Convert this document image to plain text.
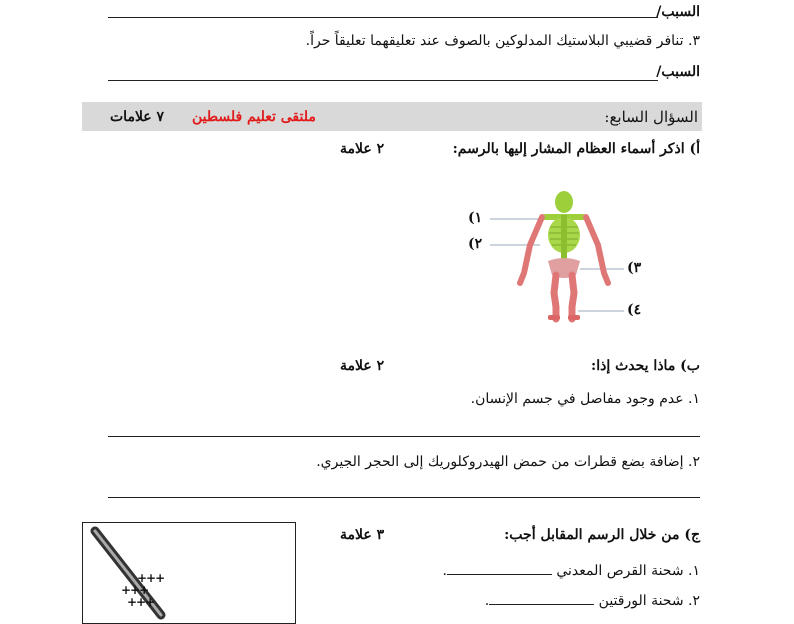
السبب/
٣. تنافر قضيبي البلاستيك المدلوكين بالصوف عند تعليقهما تعليقاً حراً.
السبب/
السؤال السابع:
ملتقى تعليم فلسطين
٧ علامات
أ) اذكر أسماء العظام المشار إليها بالرسم:
٢ علامة
(١
(٢
(٣
(٤
ب) ماذا يحدث إذا:
٢ علامة
١. عدم وجود مفاصل في جسم الإنسان.
٢. إضافة بضع قطرات من حمض الهيدروكلوريك إلى الحجر الجيري.
ج) من خلال الرسم المقابل أجب:
٣ علامة
١. شحنة القرص المعدني .
٢. شحنة الورقتين .
+++
+++
+++
